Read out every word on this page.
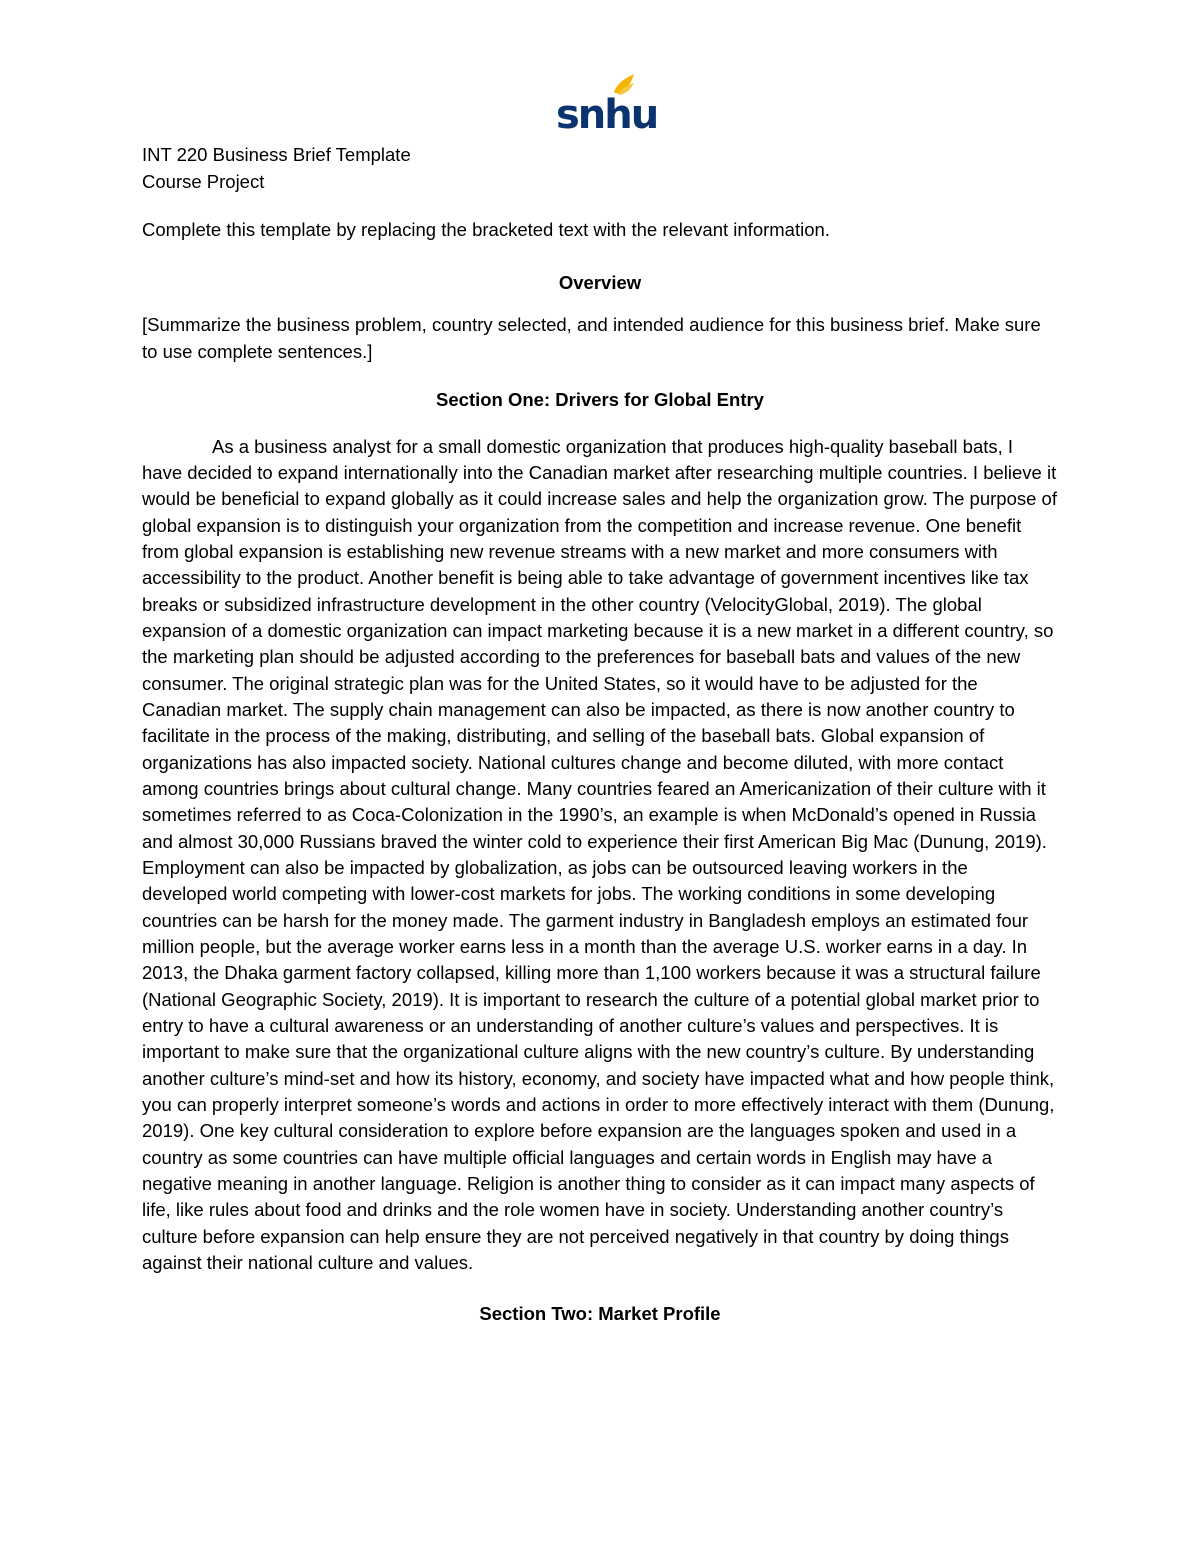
snhu

INT 220 Business Brief Template

Course Project

Complete this template by replacing the bracketed text with the relevant information.

Overview

[Summarize the business problem, country selected, and intended audience for this business brief. Make sure to use complete sentences.]

Section One: Drivers for Global Entry

As a business analyst for a small domestic organization that produces high-quality baseball bats, I have decided to expand internationally into the Canadian market after researching multiple countries. I believe it would be beneficial to expand globally as it could increase sales and help the organization grow. The purpose of global expansion is to distinguish your organization from the competition and increase revenue. One benefit from global expansion is establishing new revenue streams with a new market and more consumers with accessibility to the product. Another benefit is being able to take advantage of government incentives like tax breaks or subsidized infrastructure development in the other country (VelocityGlobal, 2019). The global expansion of a domestic organization can impact marketing because it is a new market in a different country, so the marketing plan should be adjusted according to the preferences for baseball bats and values of the new consumer. The original strategic plan was for the United States, so it would have to be adjusted for the Canadian market. The supply chain management can also be impacted, as there is now another country to facilitate in the process of the making, distributing, and selling of the baseball bats. Global expansion of organizations has also impacted society. National cultures change and become diluted, with more contact among countries brings about cultural change. Many countries feared an Americanization of their culture with it sometimes referred to as Coca-Colonization in the 1990’s, an example is when McDonald’s opened in Russia and almost 30,000 Russians braved the winter cold to experience their first American Big Mac (Dunung, 2019). Employment can also be impacted by globalization, as jobs can be outsourced leaving workers in the developed world competing with lower-cost markets for jobs. The working conditions in some developing countries can be harsh for the money made. The garment industry in Bangladesh employs an estimated four million people, but the average worker earns less in a month than the average U.S. worker earns in a day. In 2013, the Dhaka garment factory collapsed, killing more than 1,100 workers because it was a structural failure (National Geographic Society, 2019). It is important to research the culture of a potential global market prior to entry to have a cultural awareness or an understanding of another culture’s values and perspectives. It is important to make sure that the organizational culture aligns with the new country’s culture. By understanding another culture’s mind-set and how its history, economy, and society have impacted what and how people think, you can properly interpret someone’s words and actions in order to more effectively interact with them (Dunung, 2019). One key cultural consideration to explore before expansion are the languages spoken and used in a country as some countries can have multiple official languages and certain words in English may have a negative meaning in another language. Religion is another thing to consider as it can impact many aspects of life, like rules about food and drinks and the role women have in society. Understanding another country’s culture before expansion can help ensure they are not perceived negatively in that country by doing things against their national culture and values.

Section Two: Market Profile
